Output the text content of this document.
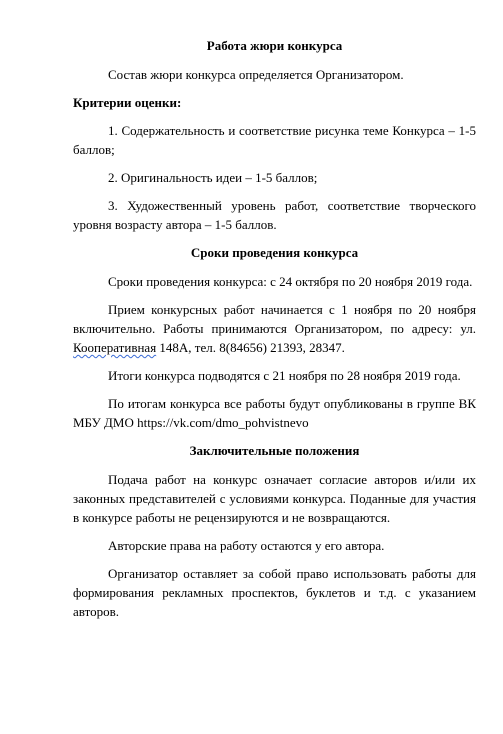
Работа жюри конкурса

Состав жюри конкурса определяется Организатором.

Критерии оценки:

1. Содержательность и соответствие рисунка теме Конкурса – 1-5 баллов;

2. Оригинальность идеи – 1-5 баллов;

3. Художественный уровень работ, соответствие творческого уровня возрасту автора – 1-5 баллов.

Сроки проведения конкурса

Сроки проведения конкурса: с 24 октября по 20 ноября 2019 года.

Прием конкурсных работ начинается с 1 ноября по 20 ноября включительно. Работы принимаются Организатором, по адресу: ул. Кооперативная 148А, тел. 8(84656) 21393, 28347.

Итоги конкурса подводятся с 21 ноября по 28 ноября 2019 года.

По итогам конкурса все работы будут опубликованы в группе ВК МБУ ДМО https://vk.com/dmo_pohvistnevo

Заключительные положения

Подача работ на конкурс означает согласие авторов и/или их законных представителей с условиями конкурса. Поданные для участия в конкурсе работы не рецензируются и не возвращаются.

Авторские права на работу остаются у его автора.

Организатор оставляет за собой право использовать работы для формирования рекламных проспектов, буклетов и т.д. с указанием авторов.
